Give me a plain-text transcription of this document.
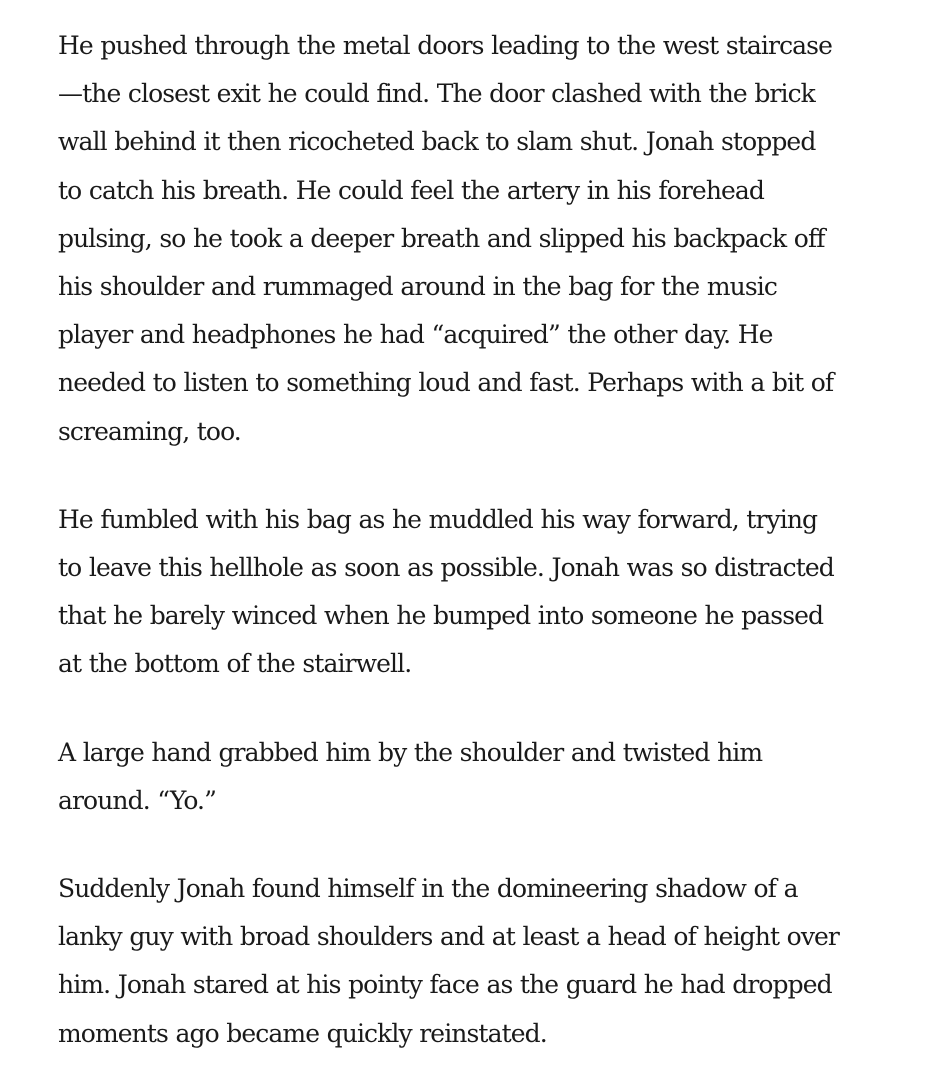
He pushed through the metal doors leading to the west staircase
—the closest exit he could find. The door clashed with the brick
wall behind it then ricocheted back to slam shut. Jonah stopped
to catch his breath. He could feel the artery in his forehead
pulsing, so he took a deeper breath and slipped his backpack off
his shoulder and rummaged around in the bag for the music
player and headphones he had “acquired” the other day. He
needed to listen to something loud and fast. Perhaps with a bit of
screaming, too.

He fumbled with his bag as he muddled his way forward, trying
to leave this hellhole as soon as possible. Jonah was so distracted
that he barely winced when he bumped into someone he passed
at the bottom of the stairwell.

A large hand grabbed him by the shoulder and twisted him
around. “Yo.”

Suddenly Jonah found himself in the domineering shadow of a
lanky guy with broad shoulders and at least a head of height over
him. Jonah stared at his pointy face as the guard he had dropped
moments ago became quickly reinstated.
